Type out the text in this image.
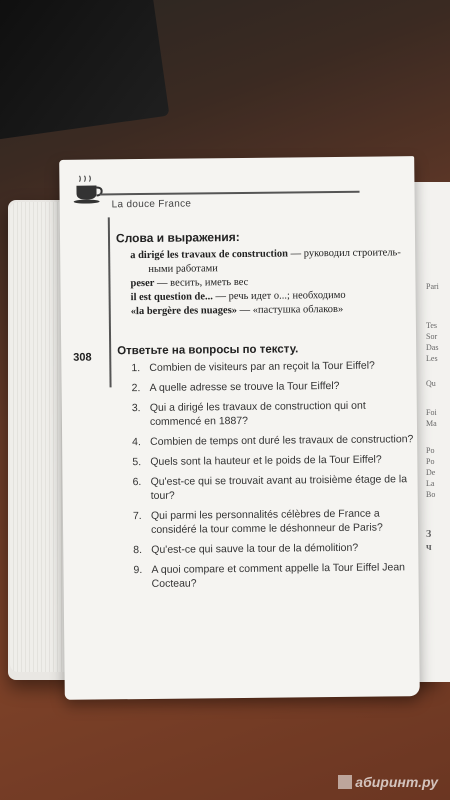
Pari
Tes
Sor
Das
Les
Qu
Foi
Ma
Po
Po
De
La
Bo
З
ч
La douce France
308
Слова и выражения:
a dirigé les travaux de construction — руководил строитель-
ными работами
peser — весить, иметь вес
il est question de... — речь идет о...; необходимо
«la bergère des nuages» — «пастушка облаков»
Ответьте на вопросы по тексту.
1. Combien de visiteurs par an reçoit la Tour Eiffel?
2. A quelle adresse se trouve la Tour Eiffel?
3. Qui a dirigé les travaux de construction qui ont commencé en 1887?
4. Combien de temps ont duré les travaux de construction?
5. Quels sont la hauteur et le poids de la Tour Eiffel?
6. Qu'est-ce qui se trouvait avant au troisième étage de la tour?
7. Qui parmi les personnalités célèbres de France a considéré la tour comme le déshonneur de Paris?
8. Qu'est-ce qui sauve la tour de la démolition?
9. A quoi compare et comment appelle la Tour Eiffel Jean Cocteau?
абиринт.ру
